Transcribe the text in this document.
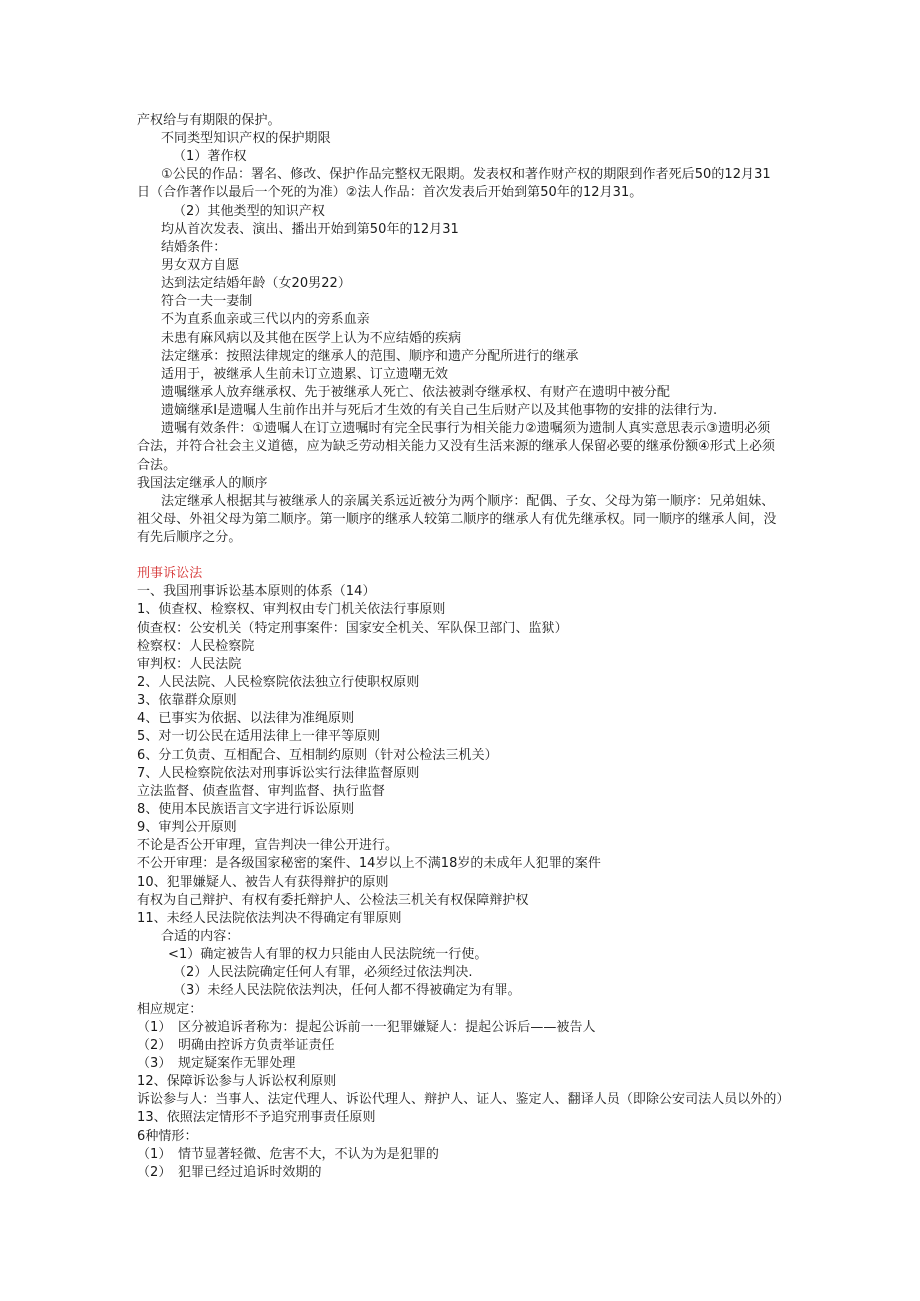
产权给与有期限的保护。
不同类型知识产权的保护期限
（1）著作权
①公民的作品：署名、修改、保护作品完整权无限期。发表权和著作财产权的期限到作者死后50的12月31
日（合作著作以最后一个死的为准）②法人作品：首次发表后开始到第50年的12月31。
（2）其他类型的知识产权
均从首次发表、演出、播出开始到第50年的12月31
结婚条件：
男女双方自愿
达到法定结婚年龄（女20男22）
符合一夫一妻制
不为直系血亲或三代以内的旁系血亲
未患有麻风病以及其他在医学上认为不应结婚的疾病
法定继承：按照法律规定的继承人的范围、顺序和遗产分配所进行的继承
适用于，被继承人生前未订立遗累、订立遗嘲无效
遗嘱继承人放弃继承权、先于被继承人死亡、依法被剥夺继承权、有财产在遗明中被分配
遗嫡继承Ⅰ是遗嘱人生前作出并与死后才生效的有关自己生后财产以及其他事物的安排的法律行为.
遗嘱有效条件：①遗嘱人在订立遗嘱时有完全民事行为相关能力②遗嘱须为遗制人真实意思表示③遗明必须
合法，并符合社会主义道德，应为缺乏劳动相关能力又没有生活来源的继承人保留必要的继承份额④形式上必须
合法。
我国法定继承人的顺序
法定继承人根据其与被继承人的亲属关系远近被分为两个顺序：配偶、子女、父母为第一顺序：兄弟姐妹、
祖父母、外祖父母为第二顺序。第一顺序的继承人较第二顺序的继承人有优先继承权。同一顺序的继承人间，没
有先后顺序之分。
刑事诉讼法
一、我国刑事诉讼基本原则的体系（14）
1、侦查权、检察权、审判权由专门机关依法行事原则
侦查权：公安机关（特定刑事案件：国家安全机关、军队保卫部门、监狱）
检察权：人民检察院
审判权：人民法院
2、人民法院、人民检察院依法独立行使职权原则
3、依靠群众原则
4、已事实为依据、以法律为准绳原则
5、对一切公民在适用法律上一律平等原则
6、分工负责、互相配合、互相制约原则（针对公检法三机关）
7、人民检察院依法对刑事诉讼实行法律监督原则
立法监督、侦查监督、审判监督、执行监督
8、使用本民族语言文字进行诉讼原则
9、审判公开原则
不论是否公开审理，宣告判决一律公开进行。
不公开审理：是各级国家秘密的案件、14岁以上不满18岁的未成年人犯罪的案件
10、犯罪嫌疑人、被告人有获得辩护的原则
有权为自己辩护、有权有委托辩护人、公检法三机关有权保障辩护权
11、未经人民法院依法判决不得确定有罪原则
合适的内容：
<1）确定被告人有罪的权力只能由人民法院统一行使。
（2）人民法院确定任何人有罪，必须经过依法判决.
（3）未经人民法院依法判决，任何人都不得被确定为有罪。
相应规定：
（1）　区分被追诉者称为：提起公诉前一一犯罪嫌疑人：提起公诉后——被告人
（2）　明确由控诉方负责举证责任
（3）　规定疑案作无罪处理
12、保障诉讼参与人诉讼权利原则
诉讼参与人：当事人、法定代理人、诉讼代理人、辩护人、证人、鉴定人、翻译人员（即除公安司法人员以外的）
13、依照法定情形不予追究刑事责任原则
6种情形：
（1）　情节显著轻微、危害不大，不认为为是犯罪的
（2）　犯罪已经过追诉时效期的
